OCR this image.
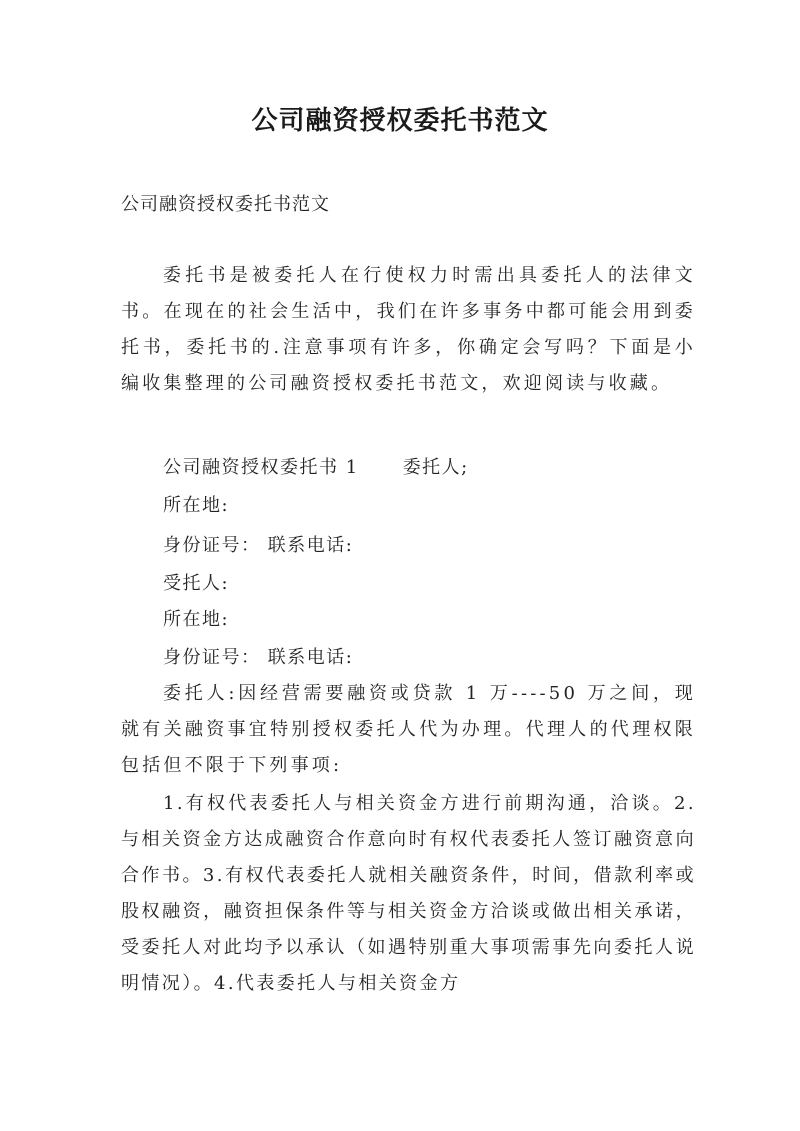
公司融资授权委托书范文

公司融资授权委托书范文

委托书是被委托人在行使权力时需出具委托人的法律文书。在现在的社会生活中，我们在许多事务中都可能会用到委托书，委托书的.注意事项有许多，你确定会写吗？下面是小编收集整理的公司融资授权委托书范文，欢迎阅读与收藏。

公司融资授权委托书 1 委托人;

所在地:

身份证号： 联系电话:

受托人:

所在地:

身份证号： 联系电话:

委托人:因经营需要融资或贷款 1 万----50 万之间，现就有关融资事宜特别授权委托人代为办理。代理人的代理权限包括但不限于下列事项:

1.有权代表委托人与相关资金方进行前期沟通，洽谈。2.与相关资金方达成融资合作意向时有权代表委托人签订融资意向合作书。3.有权代表委托人就相关融资条件，时间，借款利率或股权融资，融资担保条件等与相关资金方洽谈或做出相关承诺，受委托人对此均予以承认（如遇特别重大事项需事先向委托人说明情况）。4.代表委托人与相关资金方
